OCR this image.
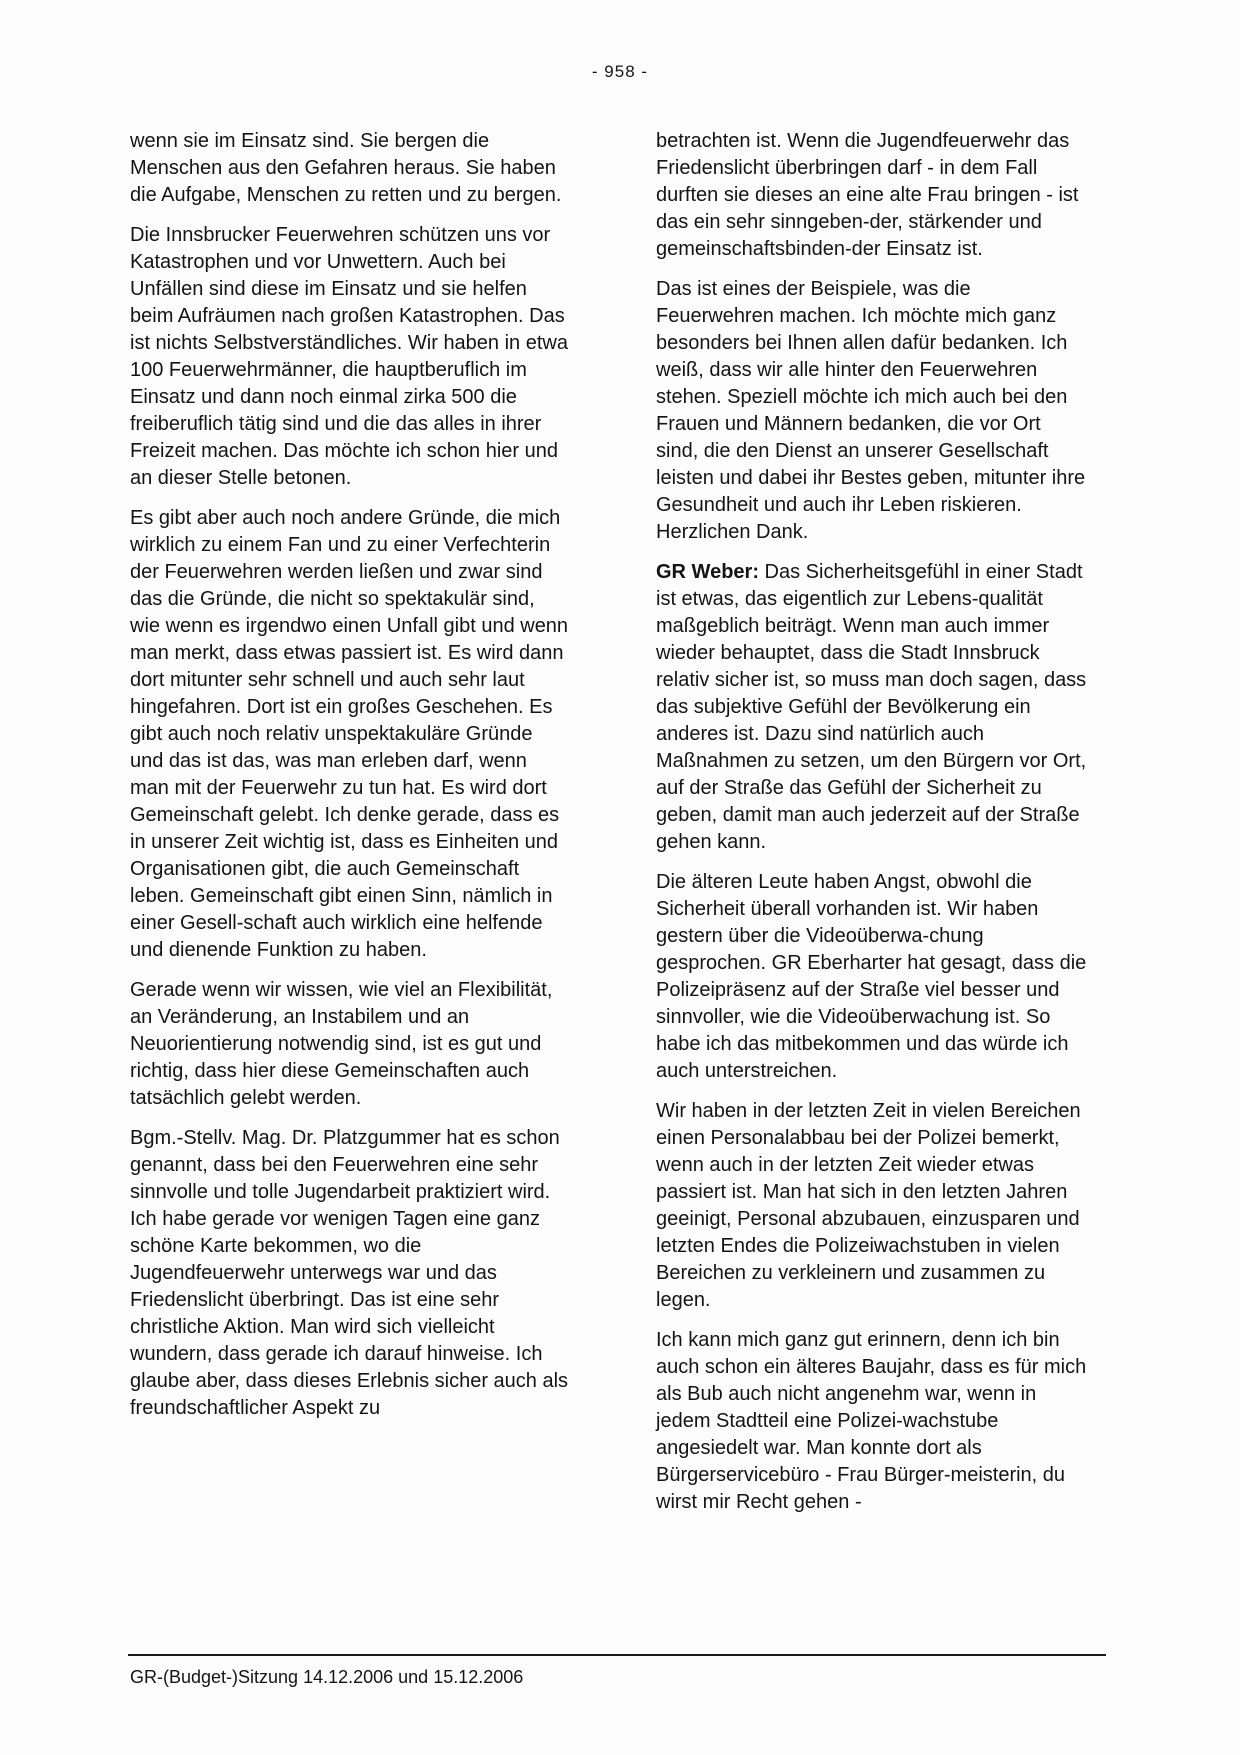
- 958 -

wenn sie im Einsatz sind. Sie bergen die Menschen aus den Gefahren heraus. Sie haben die Aufgabe, Menschen zu retten und zu bergen.

Die Innsbrucker Feuerwehren schützen uns vor Katastrophen und vor Unwettern. Auch bei Unfällen sind diese im Einsatz und sie helfen beim Aufräumen nach großen Katastrophen. Das ist nichts Selbstverständliches. Wir haben in etwa 100 Feuerwehrmänner, die hauptberuflich im Einsatz und dann noch einmal zirka 500 die freiberuflich tätig sind und die das alles in ihrer Freizeit machen. Das möchte ich schon hier und an dieser Stelle betonen.

Es gibt aber auch noch andere Gründe, die mich wirklich zu einem Fan und zu einer Verfechterin der Feuerwehren werden ließen und zwar sind das die Gründe, die nicht so spektakulär sind, wie wenn es irgendwo einen Unfall gibt und wenn man merkt, dass etwas passiert ist. Es wird dann dort mitunter sehr schnell und auch sehr laut hingefahren. Dort ist ein großes Geschehen. Es gibt auch noch relativ unspektakuläre Gründe und das ist das, was man erleben darf, wenn man mit der Feuerwehr zu tun hat. Es wird dort Gemeinschaft gelebt. Ich denke gerade, dass es in unserer Zeit wichtig ist, dass es Einheiten und Organisationen gibt, die auch Gemeinschaft leben. Gemeinschaft gibt einen Sinn, nämlich in einer Gesell-schaft auch wirklich eine helfende und dienende Funktion zu haben.

Gerade wenn wir wissen, wie viel an Flexibilität, an Veränderung, an Instabilem und an Neuorientierung notwendig sind, ist es gut und richtig, dass hier diese Gemeinschaften auch tatsächlich gelebt werden.

Bgm.-Stellv. Mag. Dr. Platzgummer hat es schon genannt, dass bei den Feuerwehren eine sehr sinnvolle und tolle Jugendarbeit praktiziert wird. Ich habe gerade vor wenigen Tagen eine ganz schöne Karte bekommen, wo die Jugendfeuerwehr unterwegs war und das Friedenslicht überbringt. Das ist eine sehr christliche Aktion. Man wird sich vielleicht wundern, dass gerade ich darauf hinweise. Ich glaube aber, dass dieses Erlebnis sicher auch als freundschaftlicher Aspekt zu

betrachten ist. Wenn die Jugendfeuerwehr das Friedenslicht überbringen darf - in dem Fall durften sie dieses an eine alte Frau bringen - ist das ein sehr sinngeben-der, stärkender und gemeinschaftsbinden-der Einsatz ist.

Das ist eines der Beispiele, was die Feuerwehren machen. Ich möchte mich ganz besonders bei Ihnen allen dafür bedanken. Ich weiß, dass wir alle hinter den Feuerwehren stehen. Speziell möchte ich mich auch bei den Frauen und Männern bedanken, die vor Ort sind, die den Dienst an unserer Gesellschaft leisten und dabei ihr Bestes geben, mitunter ihre Gesundheit und auch ihr Leben riskieren. Herzlichen Dank.

GR Weber: Das Sicherheitsgefühl in einer Stadt ist etwas, das eigentlich zur Lebens-qualität maßgeblich beiträgt. Wenn man auch immer wieder behauptet, dass die Stadt Innsbruck relativ sicher ist, so muss man doch sagen, dass das subjektive Gefühl der Bevölkerung ein anderes ist. Dazu sind natürlich auch Maßnahmen zu setzen, um den Bürgern vor Ort, auf der Straße das Gefühl der Sicherheit zu geben, damit man auch jederzeit auf der Straße gehen kann.

Die älteren Leute haben Angst, obwohl die Sicherheit überall vorhanden ist. Wir haben gestern über die Videoüberwa-chung gesprochen. GR Eberharter hat gesagt, dass die Polizeipräsenz auf der Straße viel besser und sinnvoller, wie die Videoüberwachung ist. So habe ich das mitbekommen und das würde ich auch unterstreichen.

Wir haben in der letzten Zeit in vielen Bereichen einen Personalabbau bei der Polizei bemerkt, wenn auch in der letzten Zeit wieder etwas passiert ist. Man hat sich in den letzten Jahren geeinigt, Personal abzubauen, einzusparen und letzten Endes die Polizeiwachstuben in vielen Bereichen zu verkleinern und zusammen zu legen.

Ich kann mich ganz gut erinnern, denn ich bin auch schon ein älteres Baujahr, dass es für mich als Bub auch nicht angenehm war, wenn in jedem Stadtteil eine Polizei-wachstube angesiedelt war. Man konnte dort als Bürgerservicebüro - Frau Bürger-meisterin, du wirst mir Recht gehen -

GR-(Budget-)Sitzung 14.12.2006 und 15.12.2006
